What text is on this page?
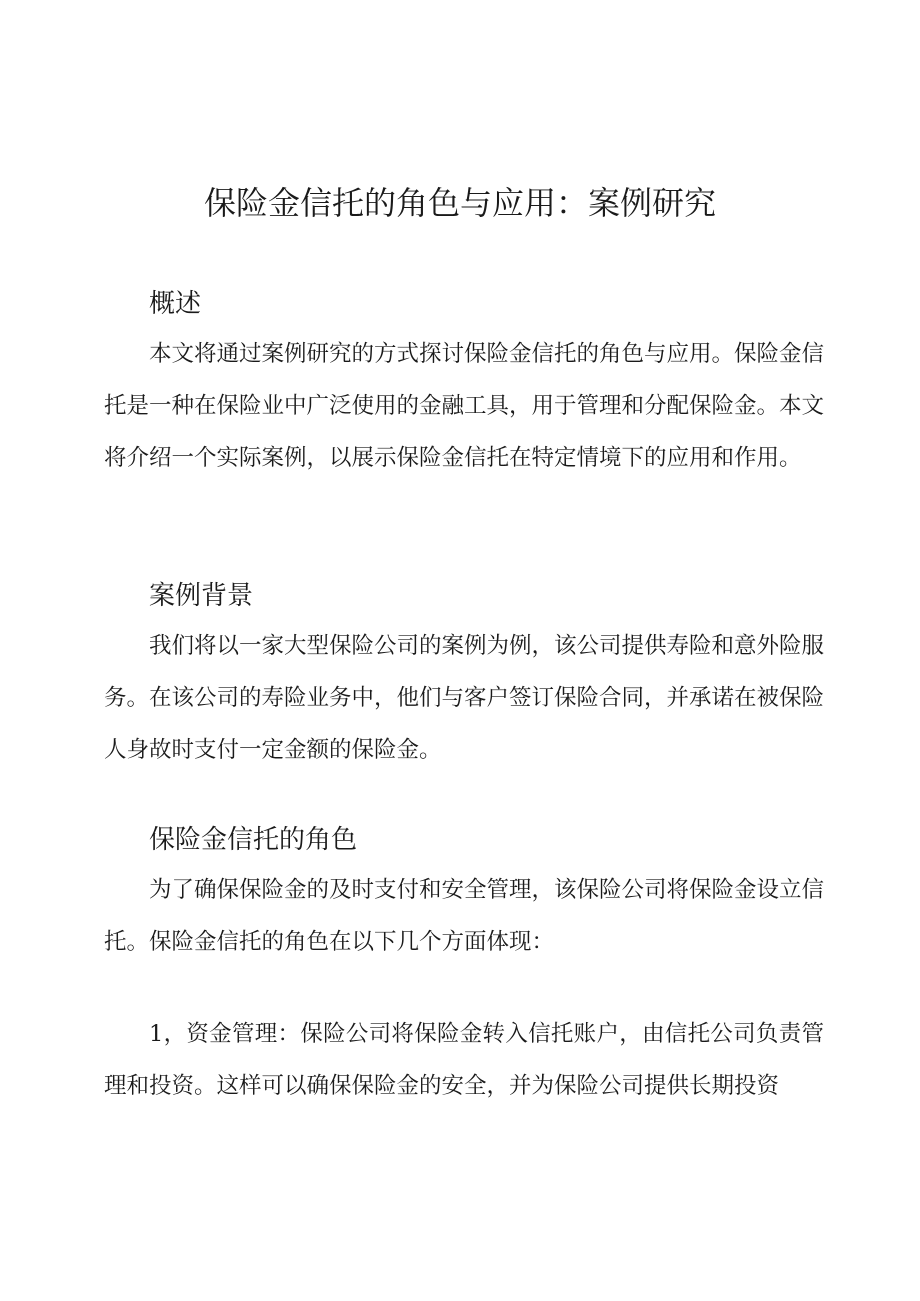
保险金信托的角色与应用：案例研究
概述

本文将通过案例研究的方式探讨保险金信托的角色与应用。保险金信托是一种在保险业中广泛使用的金融工具，用于管理和分配保险金。本文将介绍一个实际案例，以展示保险金信托在特定情境下的应用和作用。

案例背景

我们将以一家大型保险公司的案例为例，该公司提供寿险和意外险服务。在该公司的寿险业务中，他们与客户签订保险合同，并承诺在被保险人身故时支付一定金额的保险金。

保险金信托的角色

为了确保保险金的及时支付和安全管理，该保险公司将保险金设立信托。保险金信托的角色在以下几个方面体现：

1，资金管理：保险公司将保险金转入信托账户，由信托公司负责管理和投资。这样可以确保保险金的安全，并为保险公司提供长期投资
